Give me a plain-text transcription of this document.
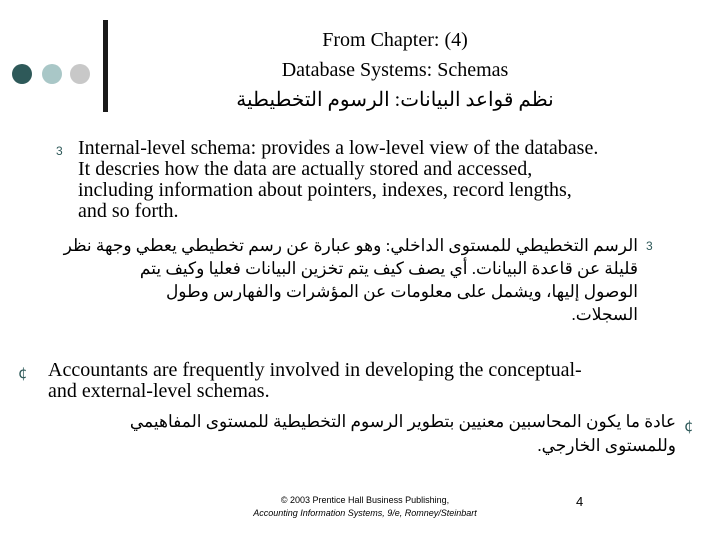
From Chapter: (4)
Database Systems: Schemas
نظم قواعد البيانات: الرسوم التخطيطية
3 Internal-level schema: provides a low-level view of the database.
It descries how the data are actually stored and accessed,
including information about pointers, indexes, record lengths,
and so forth.
3
الرسم التخطيطي للمستوى الداخلي: وهو عبارة عن رسم تخطيطي يعطي وجهة نظر
قليلة عن قاعدة البيانات. أي يصف كيف يتم تخزين البيانات فعليا وكيف يتم
الوصول إليها، ويشمل على معلومات عن المؤشرات والفهارس وطول
السجلات.
¢ Accountants are frequently involved in developing the conceptual-
and external-level schemas.
¢
عادة ما يكون المحاسبين معنيين بتطوير الرسوم التخطيطية للمستوى المفاهيمي
وللمستوى الخارجي.
© 2003 Prentice Hall Business Publishing,
Accounting Information Systems, 9/e, Romney/Steinbart
4
